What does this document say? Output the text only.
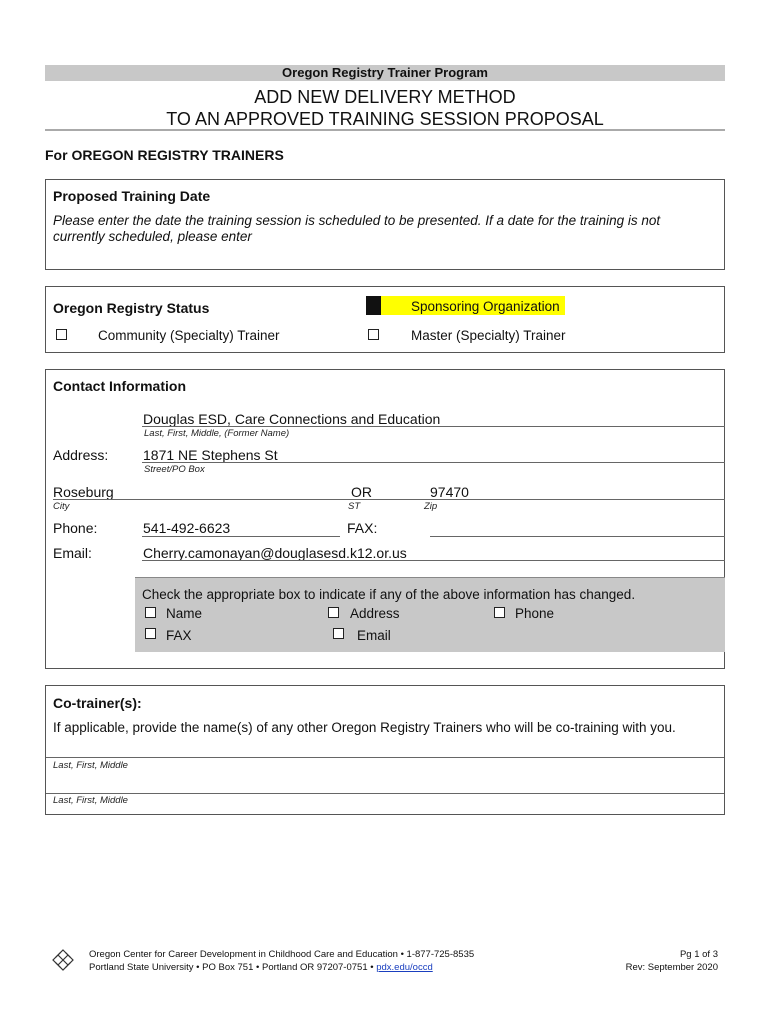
Oregon Registry Trainer Program
ADD NEW DELIVERY METHOD
TO AN APPROVED TRAINING SESSION PROPOSAL
For OREGON REGISTRY TRAINERS
Proposed Training Date
Please enter the date the training session is scheduled to be presented. If a date for the training is not currently scheduled, please enter
Oregon Registry Status	Sponsoring Organization
Community (Specialty) Trainer	Master (Specialty) Trainer
Contact Information
Douglas ESD, Care Connections and Education
Last, First, Middle, (Former Name)
Address: 1871 NE Stephens St
Street/PO Box
Roseburg	OR	97470
City	ST	Zip
Phone:	541-492-6623	FAX:
Email:	Cherry.camonayan@douglasesd.k12.or.us
Check the appropriate box to indicate if any of the above information has changed.
Name	Address	Phone
FAX	Email
Co-trainer(s):
If applicable, provide the name(s) of any other Oregon Registry Trainers who will be co-training with you.
Last, First, Middle
Last, First, Middle
Oregon Center for Career Development in Childhood Care and Education • 1-877-725-8535
Portland State University • PO Box 751 • Portland OR 97207-0751 • pdx.edu/occd
Pg 1 of 3
Rev: September 2020
